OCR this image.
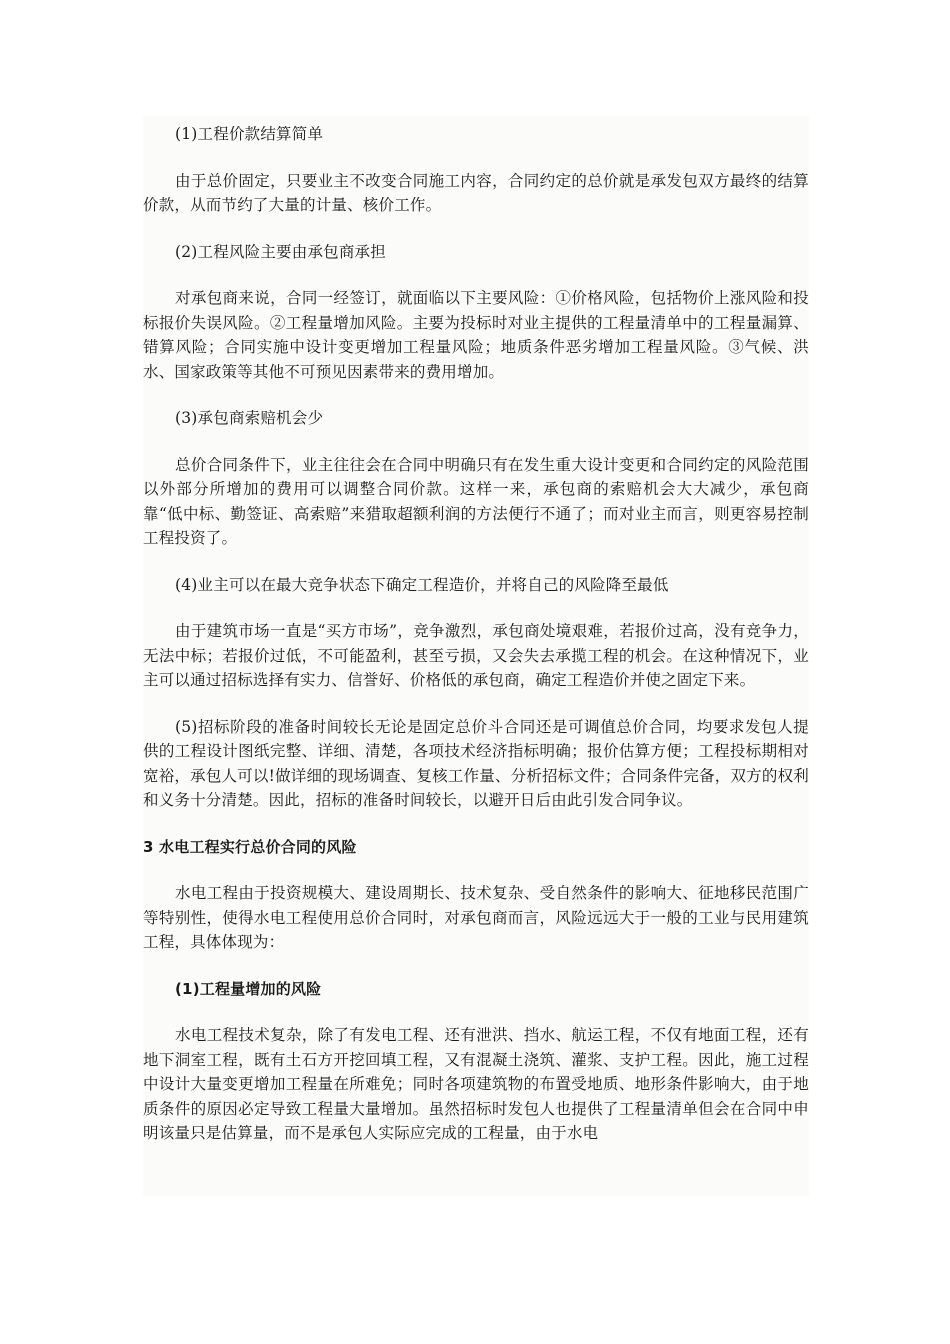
(1)工程价款结算简单

由于总价固定，只要业主不改变合同施工内容，合同约定的总价就是承发包双方最终的结算价款，从而节约了大量的计量、核价工作。

(2)工程风险主要由承包商承担

对承包商来说，合同一经签订，就面临以下主要风险：①价格风险，包括物价上涨风险和投标报价失误风险。②工程量增加风险。主要为投标时对业主提供的工程量清单中的工程量漏算、错算风险；合同实施中设计变更增加工程量风险；地质条件恶劣增加工程量风险。③气候、洪水、国家政策等其他不可预见因素带来的费用增加。

(3)承包商索赔机会少

总价合同条件下，业主往往会在合同中明确只有在发生重大设计变更和合同约定的风险范围以外部分所增加的费用可以调整合同价款。这样一来，承包商的索赔机会大大减少，承包商靠“低中标、勤签证、高索赔”来猎取超额利润的方法便行不通了；而对业主而言，则更容易控制工程投资了。

(4)业主可以在最大竞争状态下确定工程造价，并将自己的风险降至最低

由于建筑市场一直是“买方市场”，竞争激烈，承包商处境艰难，若报价过高，没有竞争力，无法中标；若报价过低，不可能盈利，甚至亏损，又会失去承揽工程的机会。在这种情况下，业主可以通过招标选择有实力、信誉好、价格低的承包商，确定工程造价并使之固定下来。

(5)招标阶段的准备时间较长无论是固定总价斗合同还是可调值总价合同，均要求发包人提供的工程设计图纸完整、详细、清楚，各项技术经济指标明确；报价估算方便；工程投标期相对宽裕，承包人可以!做详细的现场调查、复核工作量、分析招标文件；合同条件完备，双方的权利和义务十分清楚。因此，招标的准备时间较长，以避开日后由此引发合同争议。

3 水电工程实行总价合同的风险

水电工程由于投资规模大、建设周期长、技术复杂、受自然条件的影响大、征地移民范围广等特别性，使得水电工程使用总价合同时，对承包商而言，风险远远大于一般的工业与民用建筑工程，具体体现为：

(1)工程量增加的风险

水电工程技术复杂，除了有发电工程、还有泄洪、挡水、航运工程，不仅有地面工程，还有地下洞室工程，既有土石方开挖回填工程，又有混凝土浇筑、灌浆、支护工程。因此，施工过程中设计大量变更增加工程量在所难免；同时各项建筑物的布置受地质、地形条件影响大，由于地质条件的原因必定导致工程量大量增加。虽然招标时发包人也提供了工程量清单但会在合同中申明该量只是估算量，而不是承包人实际应完成的工程量，由于水电
